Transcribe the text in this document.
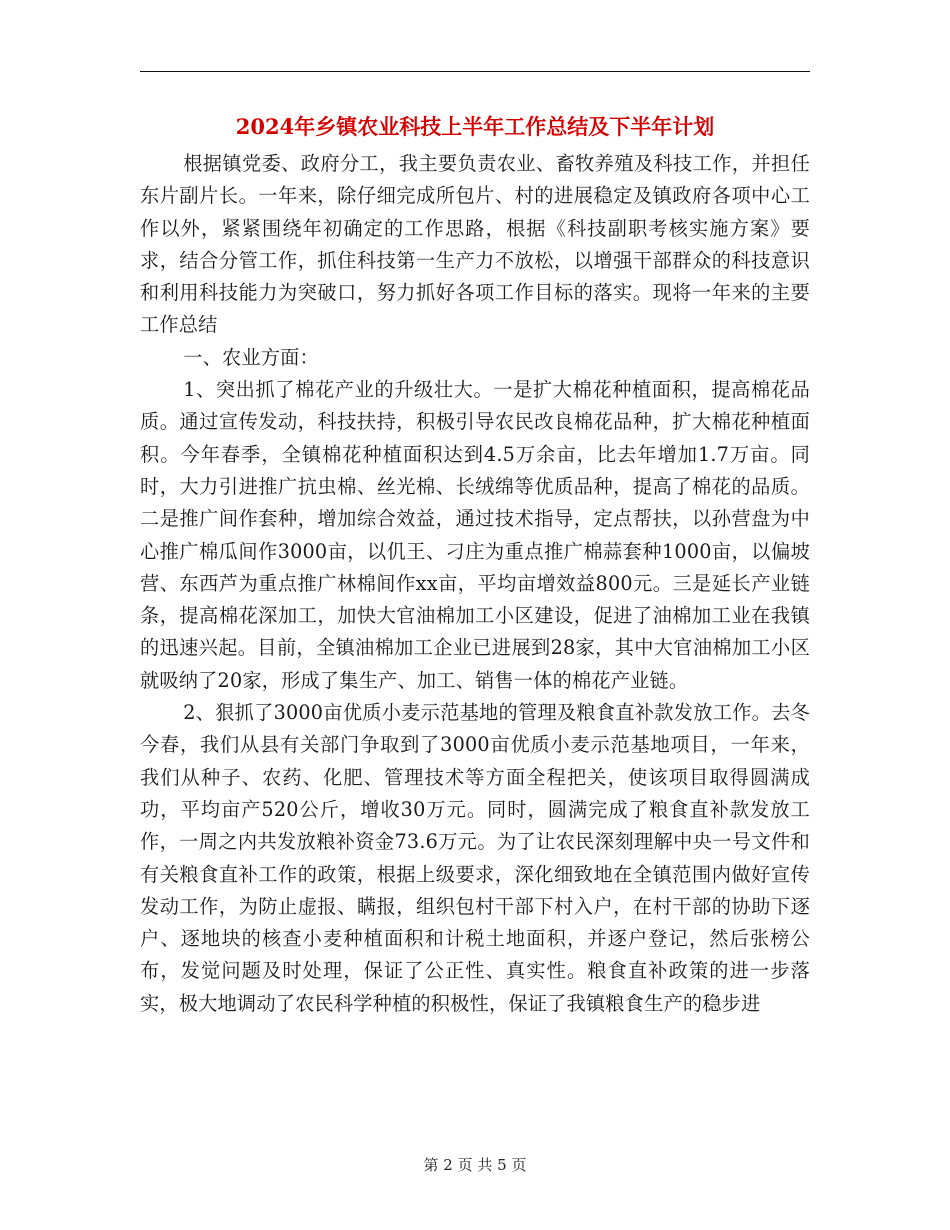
2024年乡镇农业科技上半年工作总结及下半年计划

根据镇党委、政府分工，我主要负责农业、畜牧养殖及科技工作，并担任东片副片长。一年来，除仔细完成所包片、村的进展稳定及镇政府各项中心工作以外，紧紧围绕年初确定的工作思路，根据《科技副职考核实施方案》要求，结合分管工作，抓住科技第一生产力不放松，以增强干部群众的科技意识和利用科技能力为突破口，努力抓好各项工作目标的落实。现将一年来的主要工作总结

一、农业方面：

1、突出抓了棉花产业的升级壮大。一是扩大棉花种植面积，提高棉花品质。通过宣传发动，科技扶持，积极引导农民改良棉花品种，扩大棉花种植面积。今年春季，全镇棉花种植面积达到4.5万余亩，比去年增加1.7万亩。同时，大力引进推广抗虫棉、丝光棉、长绒绵等优质品种，提高了棉花的品质。二是推广间作套种，增加综合效益，通过技术指导，定点帮扶，以孙营盘为中心推广棉瓜间作3000亩，以仉王、刁庄为重点推广棉蒜套种1000亩，以偏坡营、东西芦为重点推广林棉间作xx亩，平均亩增效益800元。三是延长产业链条，提高棉花深加工，加快大官油棉加工小区建设，促进了油棉加工业在我镇的迅速兴起。目前，全镇油棉加工企业已进展到28家，其中大官油棉加工小区就吸纳了20家，形成了集生产、加工、销售一体的棉花产业链。

2、狠抓了3000亩优质小麦示范基地的管理及粮食直补款发放工作。去冬今春，我们从县有关部门争取到了3000亩优质小麦示范基地项目，一年来，我们从种子、农药、化肥、管理技术等方面全程把关，使该项目取得圆满成功，平均亩产520公斤，增收30万元。同时，圆满完成了粮食直补款发放工作，一周之内共发放粮补资金73.6万元。为了让农民深刻理解中央一号文件和有关粮食直补工作的政策，根据上级要求，深化细致地在全镇范围内做好宣传发动工作，为防止虚报、瞒报，组织包村干部下村入户，在村干部的协助下逐户、逐地块的核查小麦种植面积和计税土地面积，并逐户登记，然后张榜公布，发觉问题及时处理，保证了公正性、真实性。粮食直补政策的进一步落实，极大地调动了农民科学种植的积极性，保证了我镇粮食生产的稳步进

第 2 页 共 5 页
